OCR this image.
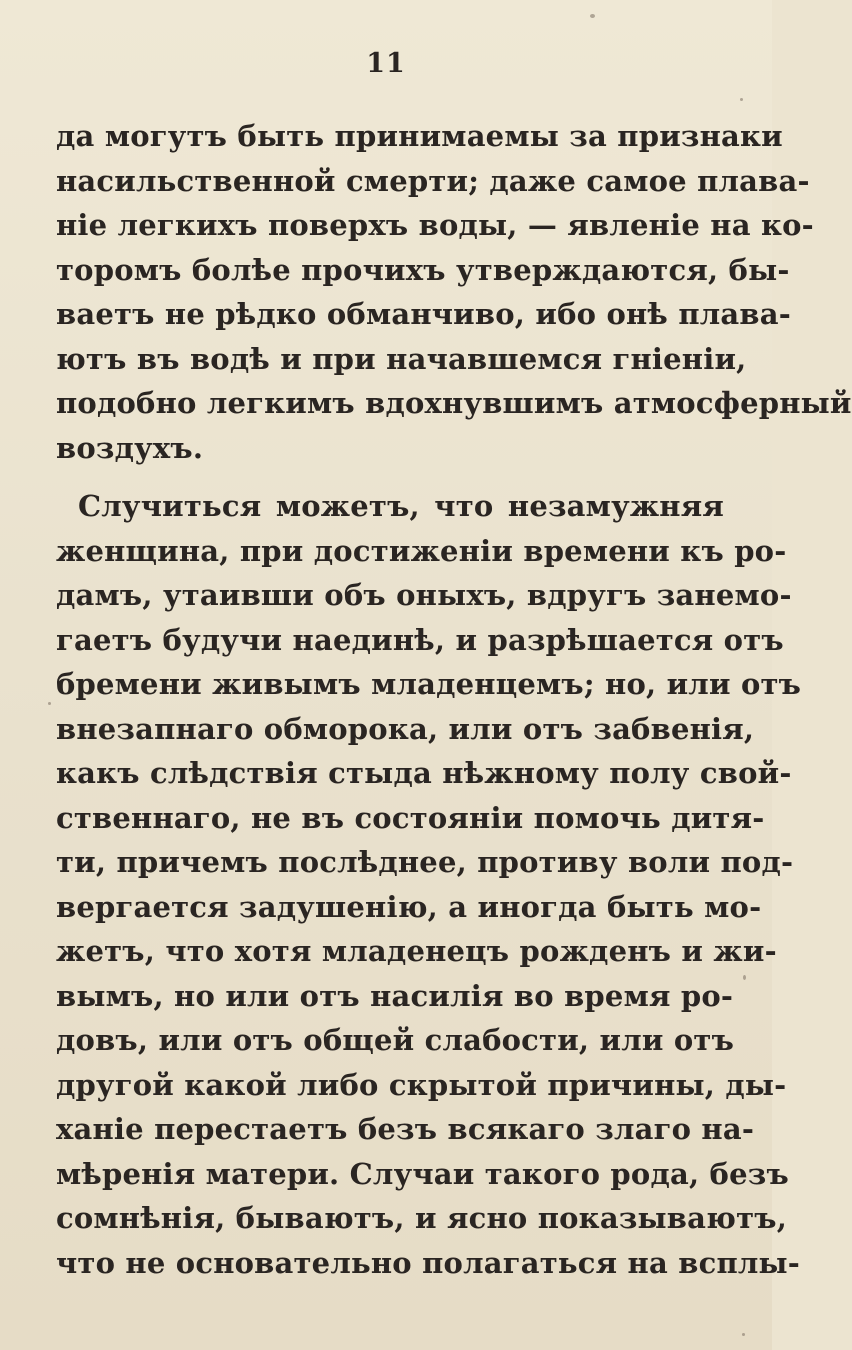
11
да могутъ быть принимаемы за признаки
насильственной смерти; даже самое плава-
ніе легкихъ поверхъ воды, — явленіе на ко-
торомъ болѣе прочихъ утверждаются, бы-
ваетъ не рѣдко обманчиво, ибо онѣ плава-
ютъ въ водѣ и при начавшемся гніеніи,
подобно легкимъ вдохнувшимъ атмосферный
воздухъ.
Случиться можетъ, что незамужняя
женщина, при достиженіи времени къ ро-
дамъ, утаивши объ оныхъ, вдругъ занемо-
гаетъ будучи наединѣ, и разрѣшается отъ
бремени живымъ младенцемъ; но, или отъ
внезапнаго обморока, или отъ забвенія,
какъ слѣдствія стыда нѣжному полу свой-
ственнаго, не въ состояніи помочь дитя-
ти, причемъ послѣднее, противу воли под-
вергается задушенію, а иногда быть мо-
жетъ, что хотя младенецъ рожденъ и жи-
вымъ, но или отъ насилія во время ро-
довъ, или отъ общей слабости, или отъ
другой какой либо скрытой причины, ды-
ханіе перестаетъ безъ всякаго злаго на-
мѣренія матери. Случаи такого рода, безъ
сомнѣнія, бываютъ, и ясно показываютъ,
что не основательно полагаться на всплы-
